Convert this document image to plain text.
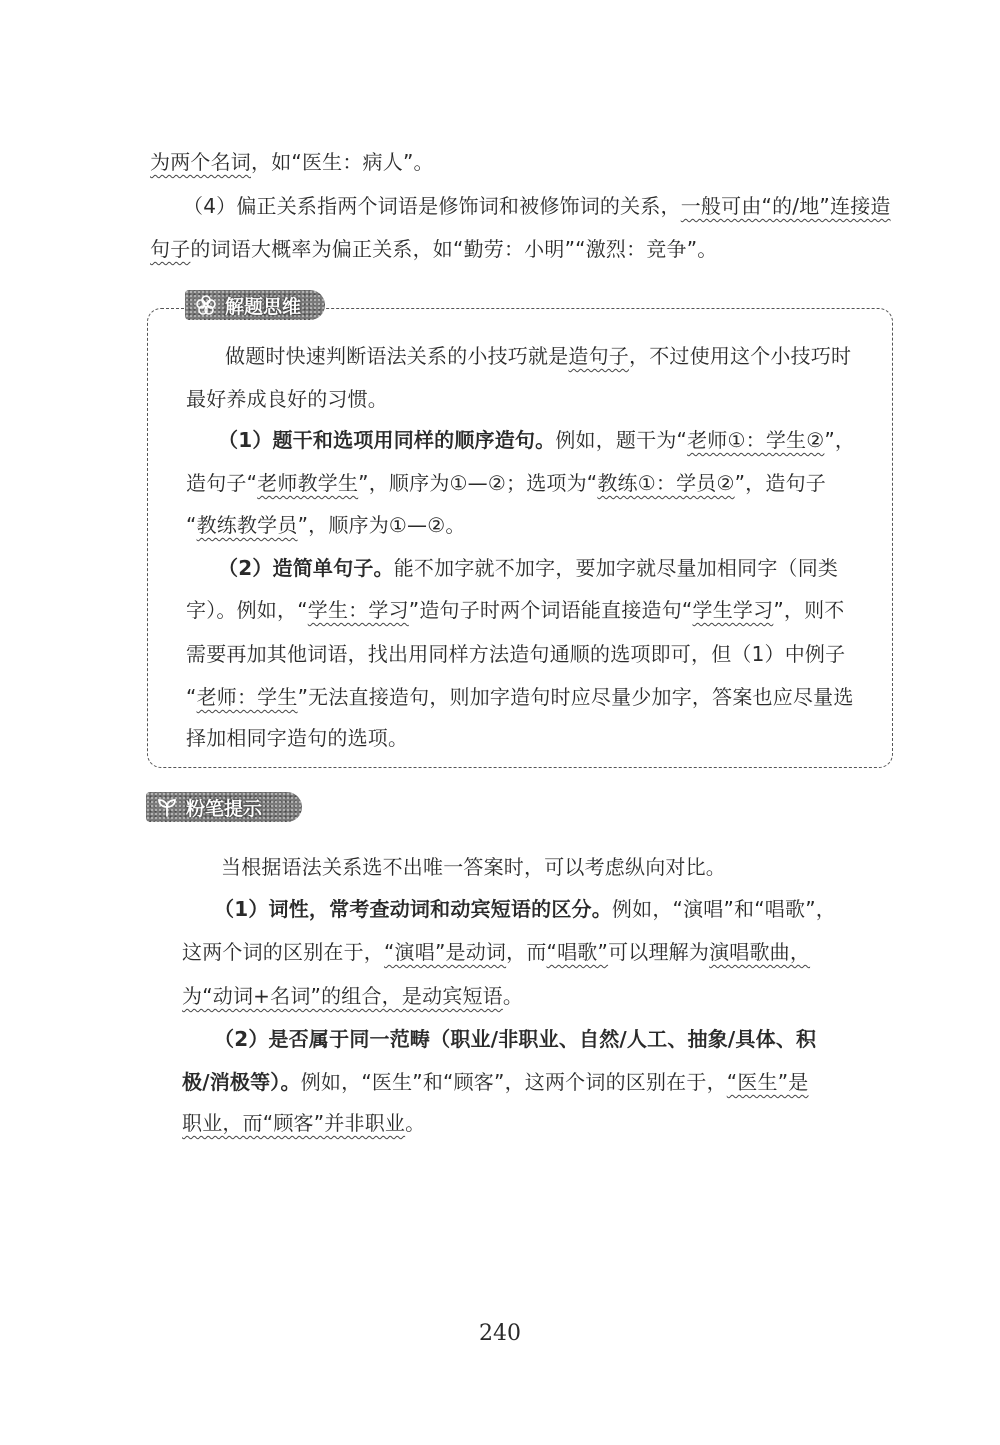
为两个名词，如“医生：病人”。
（4）偏正关系指两个词语是修饰词和被修饰词的关系，一般可由“的/地”连接造
句子的词语大概率为偏正关系，如“勤劳：小明”“激烈：竞争”。
解题思维
做题时快速判断语法关系的小技巧就是造句子，不过使用这个小技巧时
最好养成良好的习惯。
（1）题干和选项用同样的顺序造句。例如，题干为“老师①：学生②”，
造句子“老师教学生”，顺序为①—②；选项为“教练①：学员②”，造句子
“教练教学员”，顺序为①—②。
（2）造简单句子。能不加字就不加字，要加字就尽量加相同字（同类
字）。例如，“学生：学习”造句子时两个词语能直接造句“学生学习”，则不
需要再加其他词语，找出用同样方法造句通顺的选项即可，但（1）中例子
“老师：学生”无法直接造句，则加字造句时应尽量少加字，答案也应尽量选
择加相同字造句的选项。
粉笔提示
当根据语法关系选不出唯一答案时，可以考虑纵向对比。
（1）词性，常考查动词和动宾短语的区分。例如，“演唱”和“唱歌”，
这两个词的区别在于，“演唱”是动词，而“唱歌”可以理解为演唱歌曲，
为“动词+名词”的组合，是动宾短语。
（2）是否属于同一范畴（职业/非职业、自然/人工、抽象/具体、积
极/消极等）。例如，“医生”和“顾客”，这两个词的区别在于，“医生”是
职业，而“顾客”并非职业。
240
